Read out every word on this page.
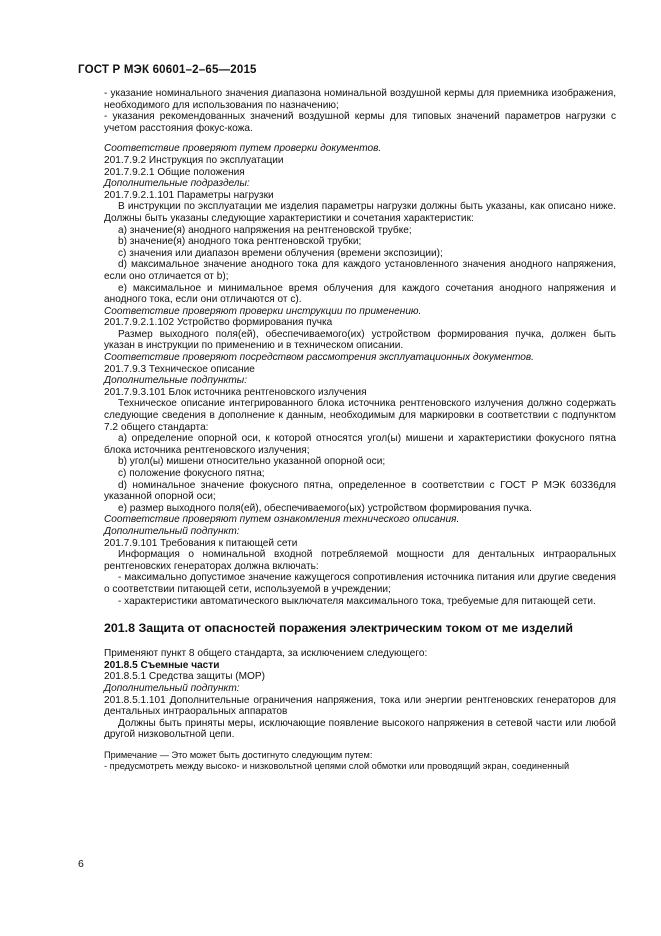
ГОСТ Р МЭК 60601–2–65—2015

- указание номинального значения диапазона номинальной воздушной кермы для приемника изображения, необходимого для использования по назначению;

- указания рекомендованных значений воздушной кермы для типовых значений параметров нагрузки с учетом расстояния фокус-кожа.

Соответствие проверяют путем проверки документов.

201.7.9.2 Инструкция по эксплуатации

201.7.9.2.1 Общие положения

Дополнительные подразделы:

201.7.9.2.1.101 Параметры нагрузки

В инструкции по эксплуатации ме изделия параметры нагрузки должны быть указаны, как описано ниже. Должны быть указаны следующие характеристики и сочетания характеристик:

a) значение(я) анодного напряжения на рентгеновской трубке;

b) значение(я) анодного тока рентгеновской трубки;

c) значения или диапазон времени облучения (времени экспозиции);

d) максимальное значение анодного тока для каждого установленного значения анодного напряжения, если оно отличается от b);

e) максимальное и минимальное время облучения для каждого сочетания анодного напряжения и анодного тока, если они отличаются от c).

Соответствие проверяют проверки инструкции по применению.

201.7.9.2.1.102 Устройство формирования пучка

Размер выходного поля(ей), обеспечиваемого(их) устройством формирования пучка, должен быть указан в инструкции по применению и в техническом описании.

Соответствие проверяют посредством рассмотрения эксплуатационных документов.

201.7.9.3 Техническое описание

Дополнительные подпункты:

201.7.9.3.101 Блок источника рентгеновского излучения

Техническое описание интегрированного блока источника рентгеновского излучения должно содержать следующие сведения в дополнение к данным, необходимым для маркировки в соответствии с подпунктом 7.2 общего стандарта:

a) определение опорной оси, к которой относятся угол(ы) мишени и характеристики фокусного пятна блока источника рентгеновского излучения;

b) угол(ы) мишени относительно указанной опорной оси;

c) положение фокусного пятна;

d) номинальное значение фокусного пятна, определенное в соответствии с ГОСТ Р МЭК 60336для указанной опорной оси;

e) размер выходного поля(ей), обеспечиваемого(ых) устройством формирования пучка.

Соответствие проверяют путем ознакомления технического описания.

Дополнительный подпункт:

201.7.9.101 Требования к питающей сети

Информация о номинальной входной потребляемой мощности для дентальных интраоральных рентгеновских генераторах должна включать:

- максимально допустимое значение кажущегося сопротивления источника питания или другие сведения о соответствии питающей сети, используемой в учреждении;

- характеристики автоматического выключателя максимального тока, требуемые для питающей сети.

201.8 Защита от опасностей поражения электрическим током от ме изделий

Применяют пункт 8 общего стандарта, за исключением следующего:

201.8.5 Съемные части

201.8.5.1 Средства защиты (MOP)

Дополнительный подпункт:

201.8.5.1.101 Дополнительные ограничения напряжения, тока или энергии рентгеновских генераторов для дентальных интраоральных аппаратов

Должны быть приняты меры, исключающие появление высокого напряжения в сетевой части или любой другой низковольтной цепи.

Примечание — Это может быть достигнуто следующим путем:

- предусмотреть между высоко- и низковольтной цепями слой обмотки или проводящий экран, соединенный

6
